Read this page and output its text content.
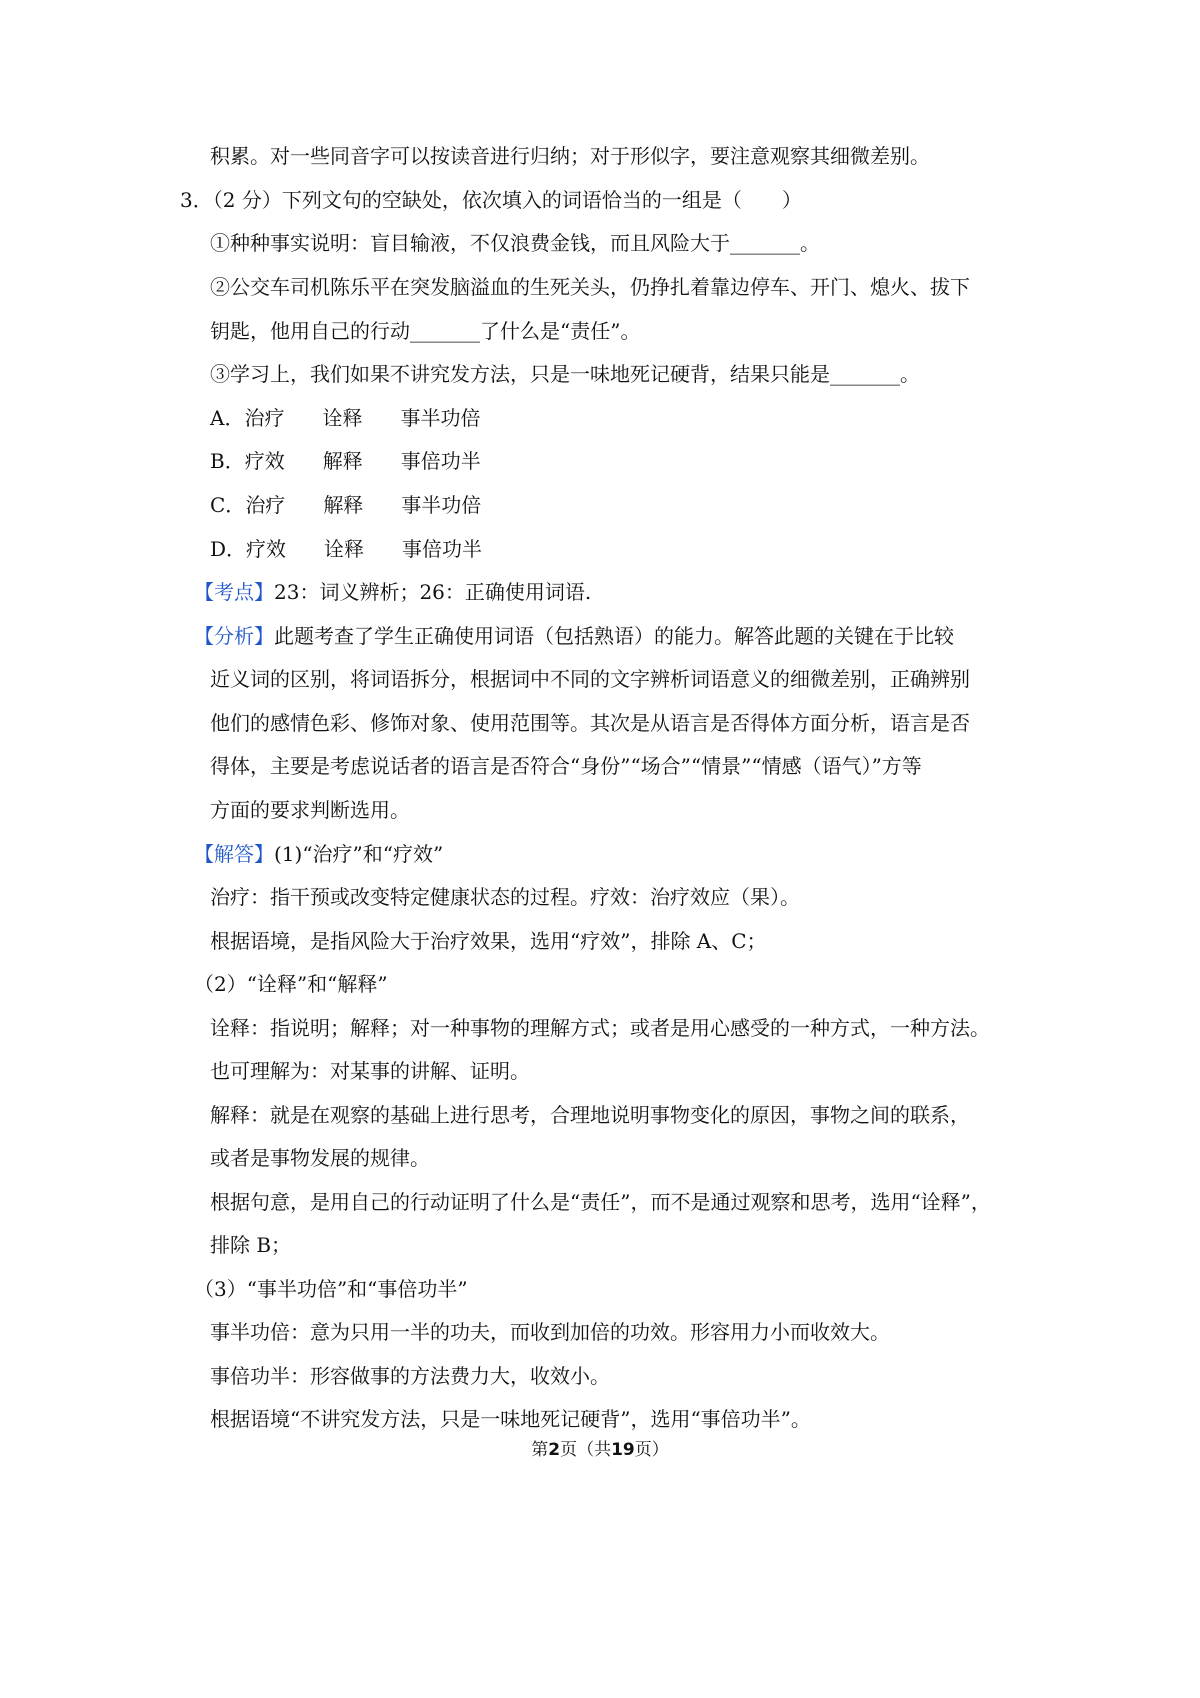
积累。对一些同音字可以按读音进行归纳；对于形似字，要注意观察其细微差别。
3．（2 分）下列文句的空缺处，依次填入的词语恰当的一组是（　　）
①种种事实说明：盲目输液，不仅浪费金钱，而且风险大于_______。
②公交车司机陈乐平在突发脑溢血的生死关头，仍挣扎着靠边停车、开门、熄火、拔下
钥匙，他用自己的行动_______了什么是“责任”。
③学习上，我们如果不讲究发方法，只是一味地死记硬背，结果只能是_______。
A．治疗 诠释 事半功倍
B．疗效 解释 事倍功半
C．治疗 解释 事半功倍
D．疗效 诠释 事倍功半
【考点】23：词义辨析；26：正确使用词语.
【分析】此题考查了学生正确使用词语（包括熟语）的能力。解答此题的关键在于比较
近义词的区别，将词语拆分，根据词中不同的文字辨析词语意义的细微差别，正确辨别
他们的感情色彩、修饰对象、使用范围等。其次是从语言是否得体方面分析，语言是否
得体，主要是考虑说话者的语言是否符合“身份”“场合”“情景”“情感（语气）”方等
方面的要求判断选用。
【解答】(1)“治疗”和“疗效”
治疗：指干预或改变特定健康状态的过程。疗效：治疗效应（果）。
根据语境，是指风险大于治疗效果，选用“疗效”，排除 A、C；
（2）“诠释”和“解释”
诠释：指说明；解释；对一种事物的理解方式；或者是用心感受的一种方式，一种方法。
也可理解为：对某事的讲解、证明。
解释：就是在观察的基础上进行思考，合理地说明事物变化的原因，事物之间的联系，
或者是事物发展的规律。
根据句意，是用自己的行动证明了什么是“责任”，而不是通过观察和思考，选用“诠释”，
排除 B；
（3）“事半功倍”和“事倍功半”
事半功倍：意为只用一半的功夫，而收到加倍的功效。形容用力小而收效大。
事倍功半：形容做事的方法费力大，收效小。
根据语境“不讲究发方法，只是一味地死记硬背”，选用“事倍功半”。
第2页（共19页）
